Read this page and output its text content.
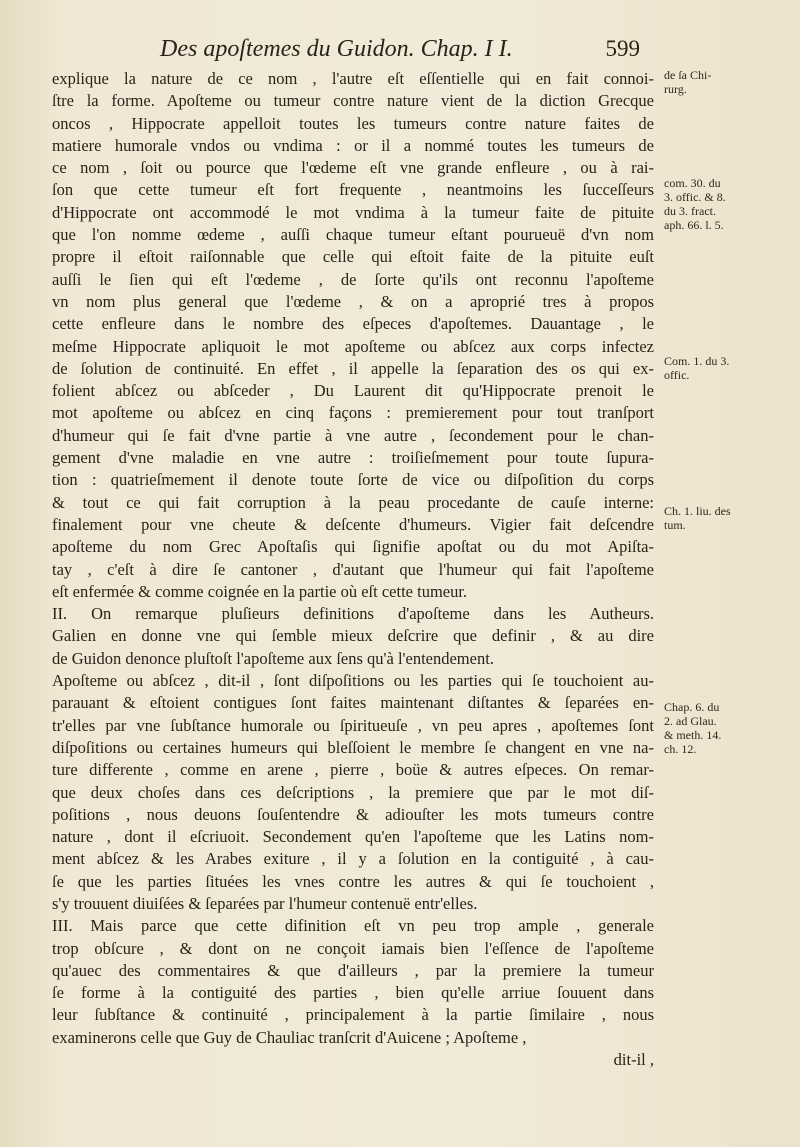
Des apoſtemes du Guidon. Chap. I I.	599
explique la nature de ce nom , l'autre eſt eſſentielle qui en fait connoi-
ſtre la forme. Apoſteme ou tumeur contre nature vient de la diction Grecque
oncos , Hippocrate appelloit toutes les tumeurs contre nature faites de
matiere humorale vndos ou vndima : or il a nommé toutes les tumeurs de
ce nom , ſoit ou pource que l'œdeme eſt vne grande enfleure , ou à rai-
ſon que cette tumeur eſt fort frequente , neantmoins les ſucceſſeurs
d'Hippocrate ont accommodé le mot vndima à la tumeur faite de pituite
que l'on nomme œdeme , auſſi chaque tumeur eſtant pourueuë d'vn nom
propre il eſtoit raiſonnable que celle qui eſtoit faite de la pituite euſt
auſſi le ſien qui eſt l'œdeme , de ſorte qu'ils ont reconnu l'apoſteme
vn nom plus general que l'œdeme , & on a aproprié tres à propos
cette enfleure dans le nombre des eſpeces d'apoſtemes. Dauantage , le
meſme Hippocrate apliquoit le mot apoſteme ou abſcez aux corps infectez
de ſolution de continuité. En effet , il appelle la ſeparation des os qui ex-
folient abſcez ou abſceder , Du Laurent dit qu'Hippocrate prenoit le
mot apoſteme ou abſcez en cinq façons : premierement pour tout tranſport
d'humeur qui ſe fait d'vne partie à vne autre , ſecondement pour le chan-
gement d'vne maladie en vne autre : troiſieſmement pour toute ſupura-
tion : quatrieſmement il denote toute ſorte de vice ou diſpoſition du corps
& tout ce qui fait corruption à la peau procedante de cauſe interne:
finalement pour vne cheute & deſcente d'humeurs. Vigier fait deſcendre
apoſteme du nom Grec Apoſtaſis qui ſignifie apoſtat ou du mot Apiſta-
tay , c'eſt à dire ſe cantoner , d'autant que l'humeur qui fait l'apoſteme
eſt enfermée & comme coignée en la partie où eſt cette tumeur.
II. On remarque pluſieurs definitions d'apoſteme dans les Autheurs.
Galien en donne vne qui ſemble mieux deſcrire que definir , & au dire
de Guidon denonce pluſtoſt l'apoſteme aux ſens qu'à l'entendement.
Apoſteme ou abſcez , dit-il , ſont diſpoſitions ou les parties qui ſe touchoient au-
parauant & eſtoient contigues ſont faites maintenant diſtantes & ſeparées en-
tr'elles par vne ſubſtance humorale ou ſpiritueuſe , vn peu apres , apoſtemes ſont
diſpoſitions ou certaines humeurs qui bleſſoient le membre ſe changent en vne na-
ture differente , comme en arene , pierre , boüe & autres eſpeces. On remar-
que deux choſes dans ces deſcriptions , la premiere que par le mot diſ-
poſitions , nous deuons ſouſentendre & adiouſter les mots tumeurs contre
nature , dont il eſcriuoit. Secondement qu'en l'apoſteme que les Latins nom-
ment abſcez & les Arabes exiture , il y a ſolution en la contiguité , à cau-
ſe que les parties ſituées les vnes contre les autres & qui ſe touchoient ,
s'y trouuent diuiſées & ſeparées par l'humeur contenuë entr'elles.
III. Mais parce que cette difinition eſt vn peu trop ample , generale
trop obſcure , & dont on ne conçoit iamais bien l'eſſence de l'apoſteme
qu'auec des commentaires & que d'ailleurs , par la premiere la tumeur
ſe forme à la contiguité des parties , bien qu'elle arriue ſouuent dans
leur ſubſtance & continuité , principalement à la partie ſimilaire , nous
examinerons celle que Guy de Chauliac tranſcrit d'Auicene ; Apoſteme ,
dit-il ,
de ſa Chi-
rurg.
com. 30. du
3. offic. & 8.
du 3. fract.
aph. 66. l. 5.
Com. 1. du 3.
offic.
Ch. 1. liu. des
tum.
Chap. 6. du
2. ad Glau.
& meth. 14.
ch. 12.
